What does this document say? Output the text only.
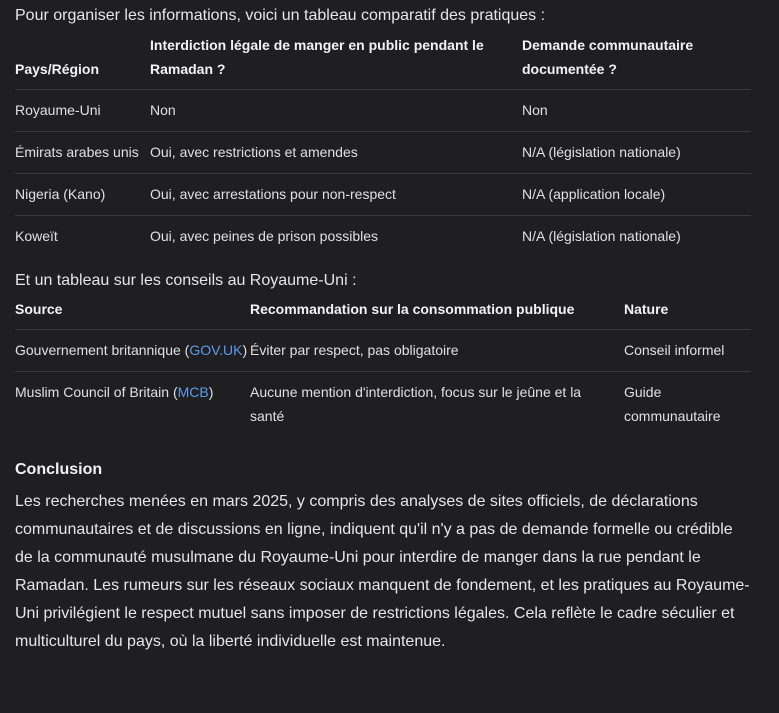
Pour organiser les informations, voici un tableau comparatif des pratiques :

Pays/Région	Interdiction légale de manger en public pendant le Ramadan ?	Demande communautaire documentée ?
Royaume-Uni	Non	Non
Émirats arabes unis	Oui, avec restrictions et amendes	N/A (législation nationale)
Nigeria (Kano)	Oui, avec arrestations pour non-respect	N/A (application locale)
Koweït	Oui, avec peines de prison possibles	N/A (législation nationale)

Et un tableau sur les conseils au Royaume-Uni :

Source	Recommandation sur la consommation publique	Nature
Gouvernement britannique (GOV.UK)	Éviter par respect, pas obligatoire	Conseil informel
Muslim Council of Britain (MCB)	Aucune mention d'interdiction, focus sur le jeûne et la santé	Guide communautaire
Conclusion

Les recherches menées en mars 2025, y compris des analyses de sites officiels, de déclarations communautaires et de discussions en ligne, indiquent qu'il n'y a pas de demande formelle ou crédible de la communauté musulmane du Royaume-Uni pour interdire de manger dans la rue pendant le Ramadan. Les rumeurs sur les réseaux sociaux manquent de fondement, et les pratiques au Royaume-Uni privilégient le respect mutuel sans imposer de restrictions légales. Cela reflète le cadre séculier et multiculturel du pays, où la liberté individuelle est maintenue.
